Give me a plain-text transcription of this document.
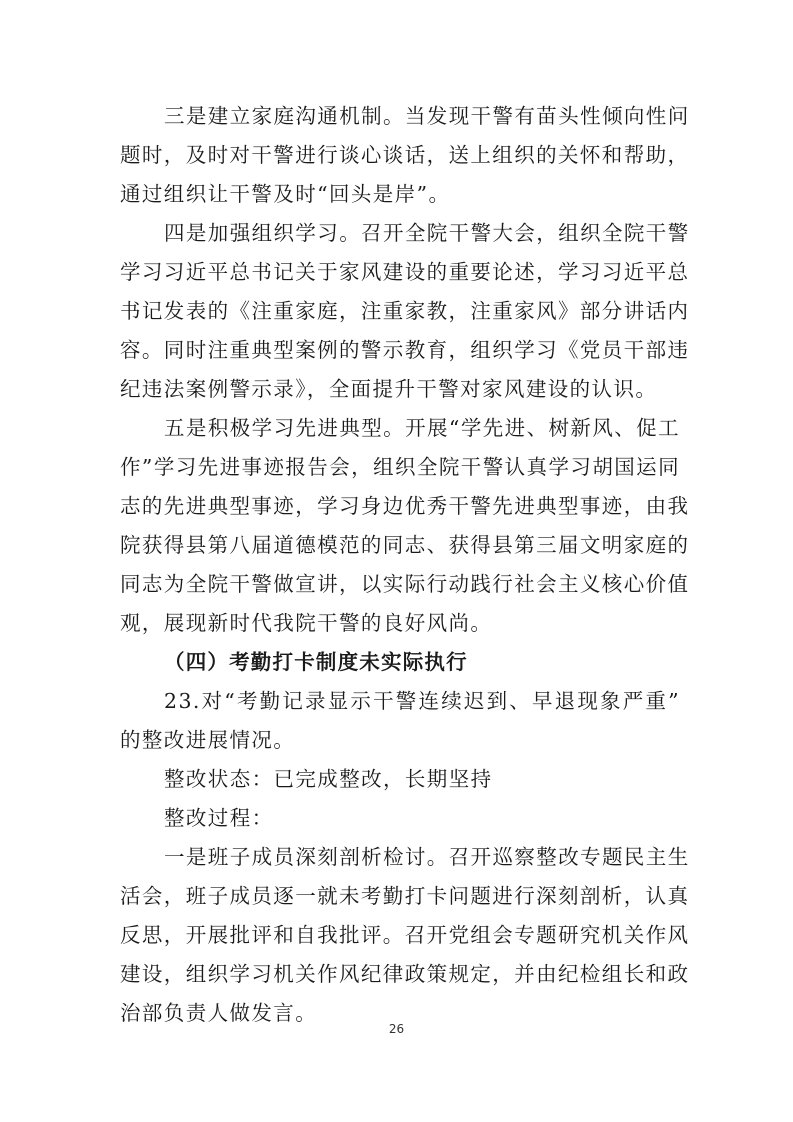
三是建立家庭沟通机制。当发现干警有苗头性倾向性问
题时，及时对干警进行谈心谈话，送上组织的关怀和帮助，
通过组织让干警及时“回头是岸”。
四是加强组织学习。召开全院干警大会，组织全院干警
学习习近平总书记关于家风建设的重要论述，学习习近平总
书记发表的《注重家庭，注重家教，注重家风》部分讲话内
容。同时注重典型案例的警示教育，组织学习《党员干部违
纪违法案例警示录》，全面提升干警对家风建设的认识。
五是积极学习先进典型。开展“学先进、树新风、促工
作”学习先进事迹报告会，组织全院干警认真学习胡国运同
志的先进典型事迹，学习身边优秀干警先进典型事迹，由我
院获得县第八届道德模范的同志、获得县第三届文明家庭的
同志为全院干警做宣讲，以实际行动践行社会主义核心价值
观，展现新时代我院干警的良好风尚。
（四）考勤打卡制度未实际执行
23.对“考勤记录显示干警连续迟到、早退现象严重”
的整改进展情况。
整改状态：已完成整改，长期坚持
整改过程：
一是班子成员深刻剖析检讨。召开巡察整改专题民主生
活会，班子成员逐一就未考勤打卡问题进行深刻剖析，认真
反思，开展批评和自我批评。召开党组会专题研究机关作风
建设，组织学习机关作风纪律政策规定，并由纪检组长和政
治部负责人做发言。
26
